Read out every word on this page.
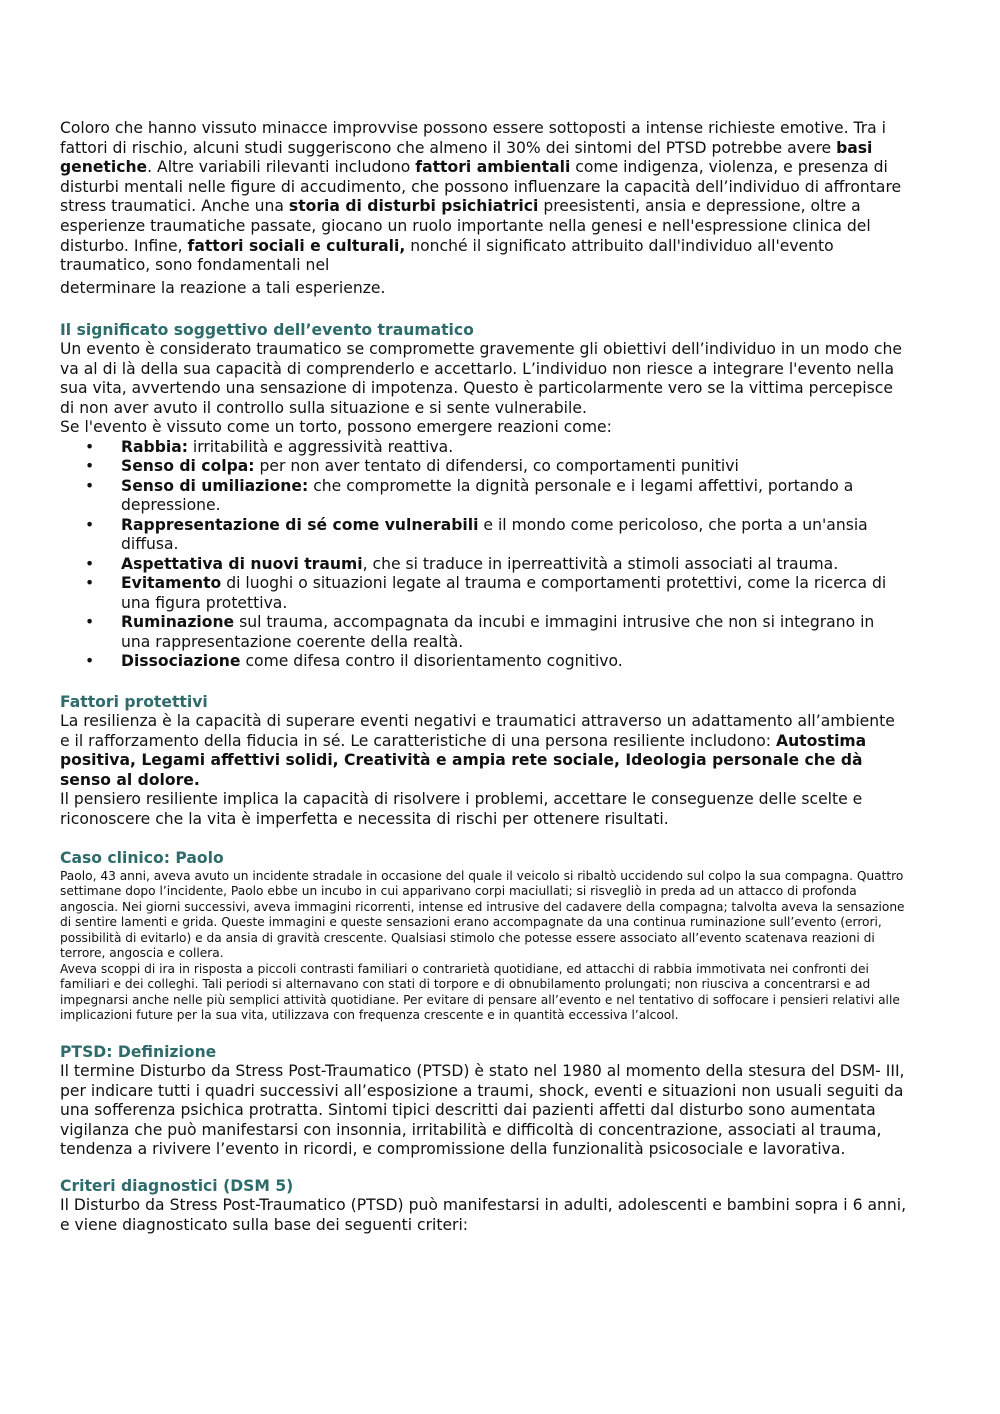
Coloro che hanno vissuto minacce improvvise possono essere sottoposti a intense richieste emotive. Tra i fattori di rischio, alcuni studi suggeriscono che almeno il 30% dei sintomi del PTSD potrebbe avere basi genetiche. Altre variabili rilevanti includono fattori ambientali come indigenza, violenza, e presenza di disturbi mentali nelle figure di accudimento, che possono influenzare la capacità dell’individuo di affrontare stress traumatici. Anche una storia di disturbi psichiatrici preesistenti, ansia e depressione, oltre a esperienze traumatiche passate, giocano un ruolo importante nella genesi e nell'espressione clinica del disturbo. Infine, fattori sociali e culturali, nonché il significato attribuito dall'individuo all'evento traumatico, sono fondamentali nel
determinare la reazione a tali esperienze.

Il significato soggettivo dell’evento traumatico

Un evento è considerato traumatico se compromette gravemente gli obiettivi dell’individuo in un modo che va al di là della sua capacità di comprenderlo e accettarlo. L’individuo non riesce a integrare l'evento nella sua vita, avvertendo una sensazione di impotenza. Questo è particolarmente vero se la vittima percepisce di non aver avuto il controllo sulla situazione e si sente vulnerabile.

Se l'evento è vissuto come un torto, possono emergere reazioni come:

• Rabbia: irritabilità e aggressività reattiva.
• Senso di colpa: per non aver tentato di difendersi, co comportamenti punitivi
• Senso di umiliazione: che compromette la dignità personale e i legami affettivi, portando a depressione.
• Rappresentazione di sé come vulnerabili e il mondo come pericoloso, che porta a un'ansia diffusa.
• Aspettativa di nuovi traumi, che si traduce in iperreattività a stimoli associati al trauma.
• Evitamento di luoghi o situazioni legate al trauma e comportamenti protettivi, come la ricerca di una figura protettiva.
• Ruminazione sul trauma, accompagnata da incubi e immagini intrusive che non si integrano in una rappresentazione coerente della realtà.
• Dissociazione come difesa contro il disorientamento cognitivo.
Fattori protettivi

La resilienza è la capacità di superare eventi negativi e traumatici attraverso un adattamento all’ambiente e il rafforzamento della fiducia in sé. Le caratteristiche di una persona resiliente includono: Autostima positiva, Legami affettivi solidi, Creatività e ampia rete sociale, Ideologia personale che dà senso al dolore.

Il pensiero resiliente implica la capacità di risolvere i problemi, accettare le conseguenze delle scelte e riconoscere che la vita è imperfetta e necessita di rischi per ottenere risultati.

Caso clinico: Paolo

Paolo, 43 anni, aveva avuto un incidente stradale in occasione del quale il veicolo si ribaltò uccidendo sul colpo la sua compagna. Quattro settimane dopo l’incidente, Paolo ebbe un incubo in cui apparivano corpi maciullati; si risvegliò in preda ad un attacco di profonda angoscia. Nei giorni successivi, aveva immagini ricorrenti, intense ed intrusive del cadavere della compagna; talvolta aveva la sensazione di sentire lamenti e grida. Queste immagini e queste sensazioni erano accompagnate da una continua ruminazione sull’evento (errori, possibilità di evitarlo) e da ansia di gravità crescente. Qualsiasi stimolo che potesse essere associato all’evento scatenava reazioni di terrore, angoscia e collera.

Aveva scoppi di ira in risposta a piccoli contrasti familiari o contrarietà quotidiane, ed attacchi di rabbia immotivata nei confronti dei familiari e dei colleghi. Tali periodi si alternavano con stati di torpore e di obnubilamento prolungati; non riusciva a concentrarsi e ad impegnarsi anche nelle più semplici attività quotidiane. Per evitare di pensare all’evento e nel tentativo di soffocare i pensieri relativi alle implicazioni future per la sua vita, utilizzava con frequenza crescente e in quantità eccessiva l’alcool.

PTSD: Definizione

Il termine Disturbo da Stress Post-Traumatico (PTSD) è stato nel 1980 al momento della stesura del DSM- III, per indicare tutti i quadri successivi all’esposizione a traumi, shock, eventi e situazioni non usuali seguiti da una sofferenza psichica protratta. Sintomi tipici descritti dai pazienti affetti dal disturbo sono aumentata vigilanza che può manifestarsi con insonnia, irritabilità e difficoltà di concentrazione, associati al trauma, tendenza a rivivere l’evento in ricordi, e compromissione della funzionalità psicosociale e lavorativa.

Criteri diagnostici (DSM 5)

Il Disturbo da Stress Post-Traumatico (PTSD) può manifestarsi in adulti, adolescenti e bambini sopra i 6 anni, e viene diagnosticato sulla base dei seguenti criteri:
